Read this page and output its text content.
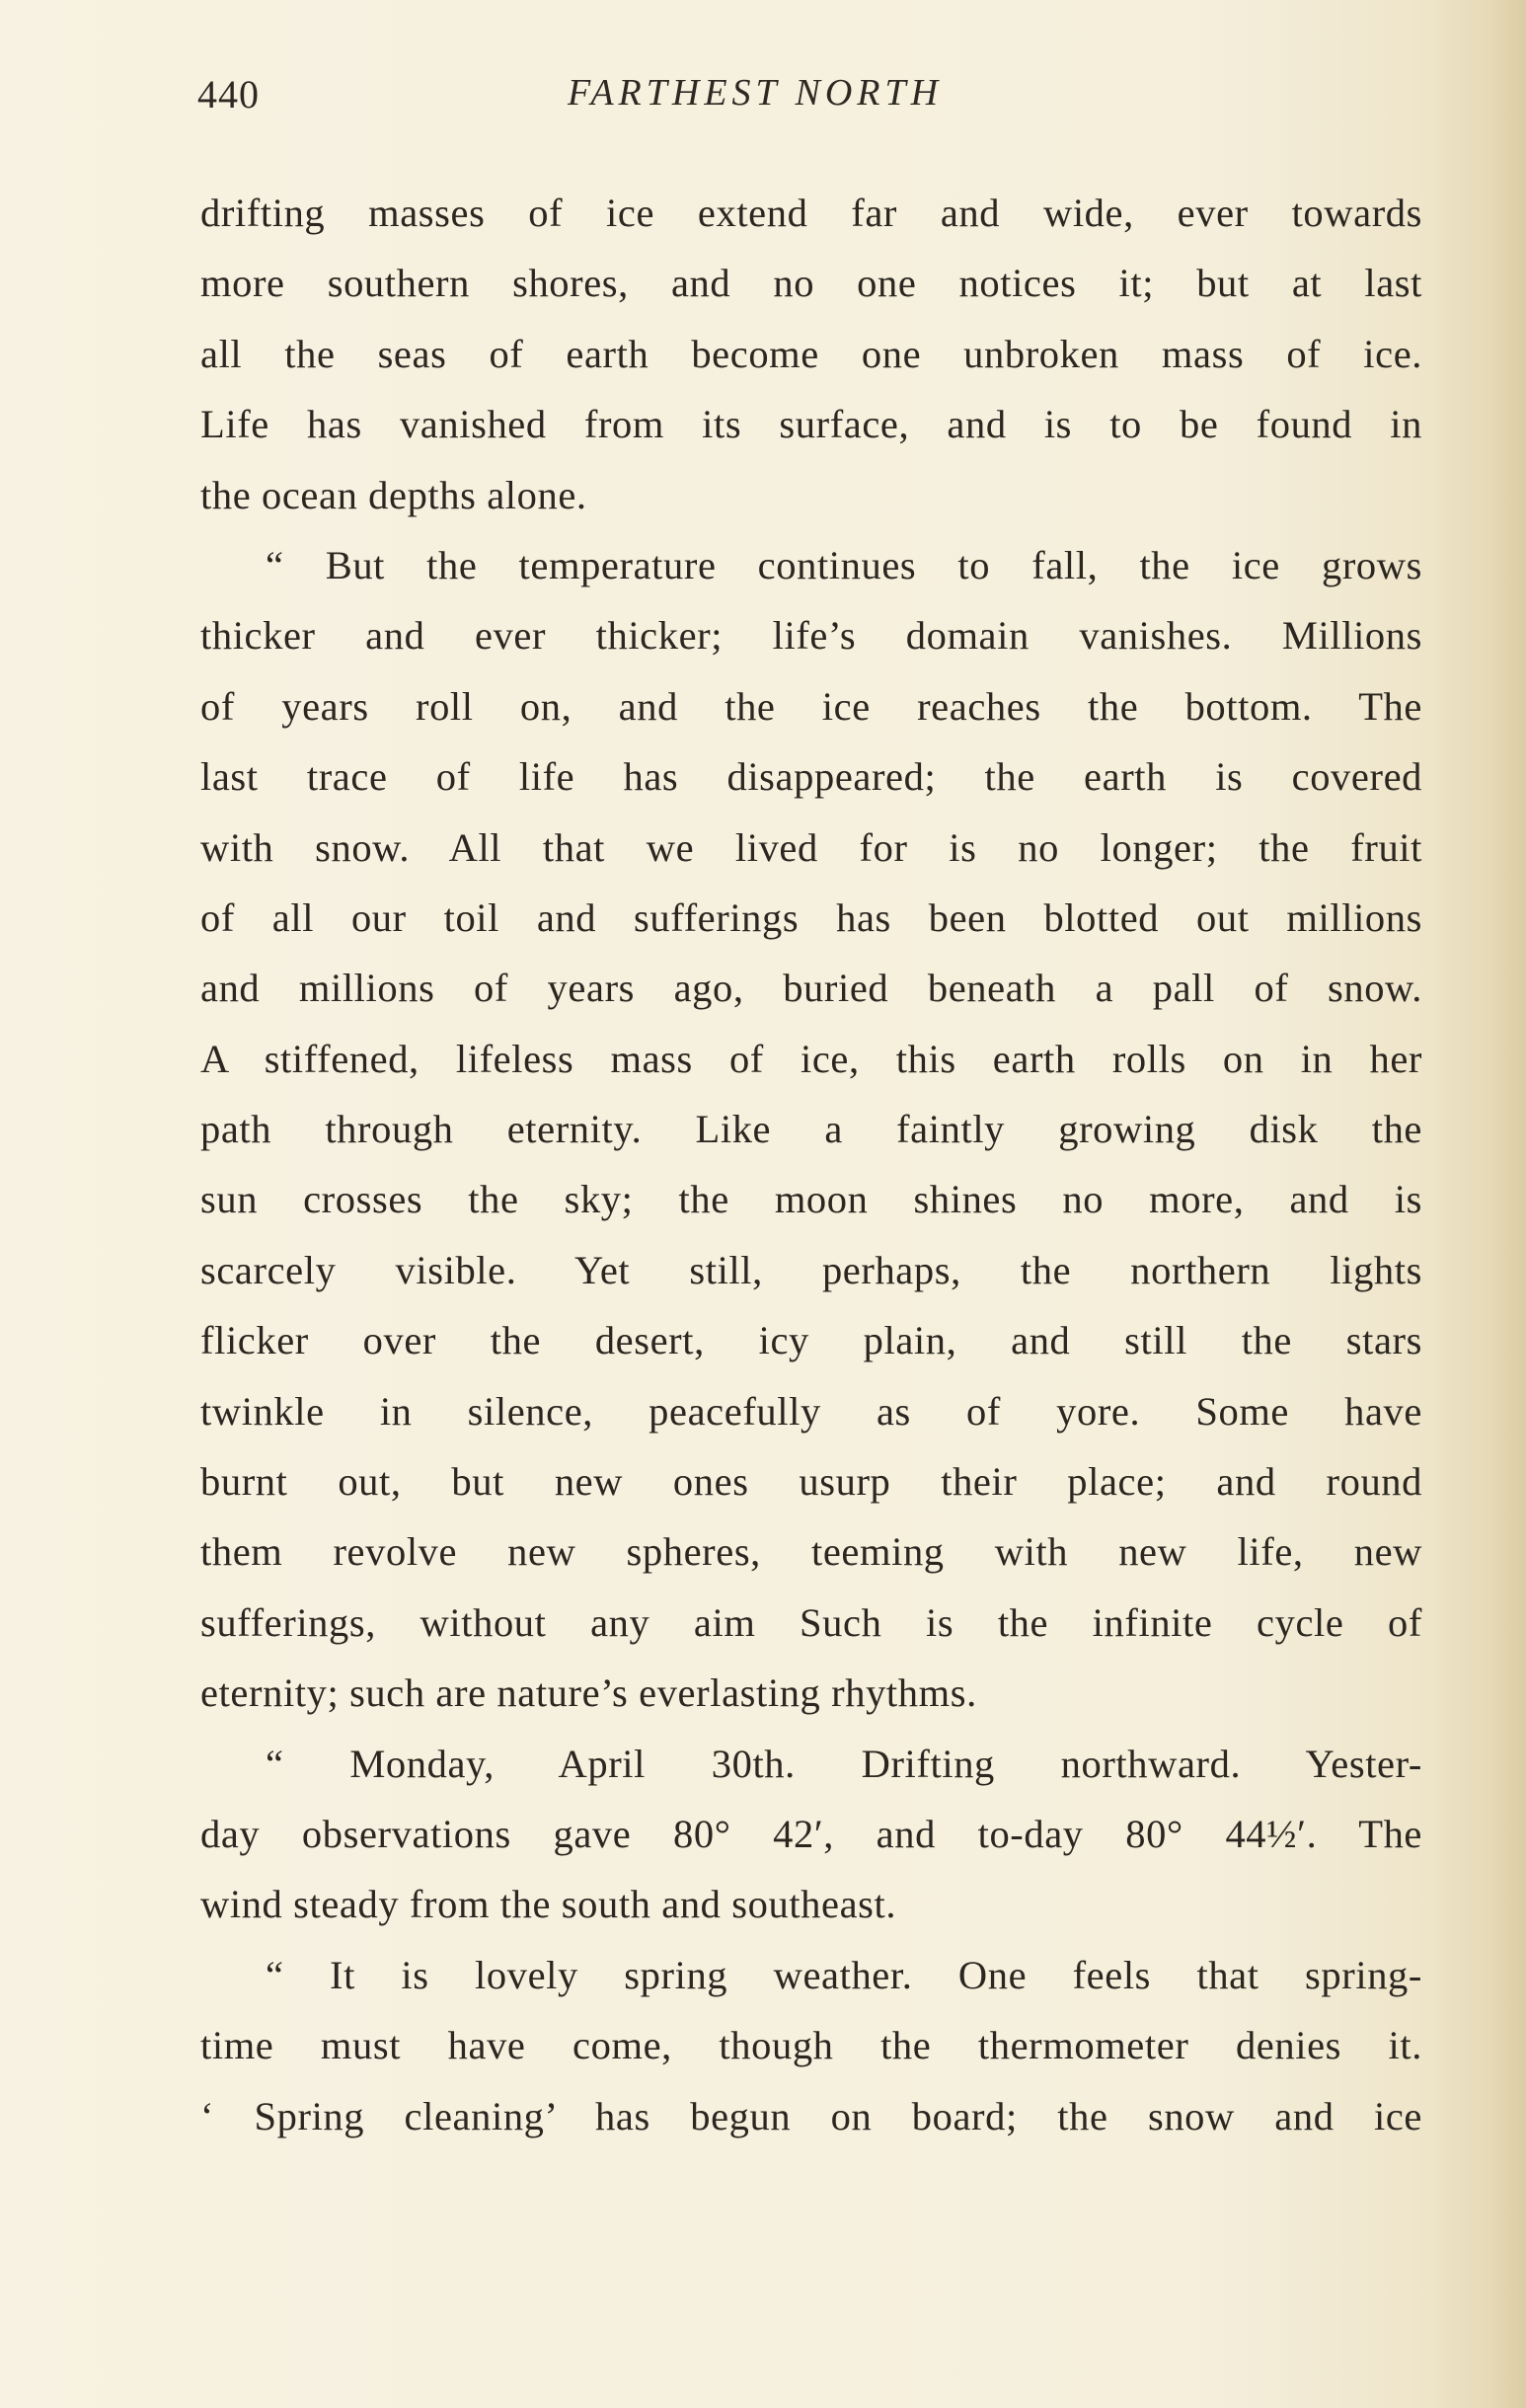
440	FARTHEST NORTH
drifting masses of ice extend far and wide, ever towards
more southern shores, and no one notices it; but at last
all the seas of earth become one unbroken mass of ice.
Life has vanished from its surface, and is to be found in
the ocean depths alone.
“ But the temperature continues to fall, the ice grows
thicker and ever thicker; life’s domain vanishes. Millions
of years roll on, and the ice reaches the bottom. The
last trace of life has disappeared; the earth is covered
with snow. All that we lived for is no longer; the fruit
of all our toil and sufferings has been blotted out millions
and millions of years ago, buried beneath a pall of snow.
A stiffened, lifeless mass of ice, this earth rolls on in her
path through eternity. Like a faintly growing disk the
sun crosses the sky; the moon shines no more, and is
scarcely visible. Yet still, perhaps, the northern lights
flicker over the desert, icy plain, and still the stars
twinkle in silence, peacefully as of yore. Some have
burnt out, but new ones usurp their place; and round
them revolve new spheres, teeming with new life, new
sufferings, without any aim Such is the infinite cycle of
eternity; such are nature’s everlasting rhythms.
“ Monday, April 30th. Drifting northward. Yester-
day observations gave 80° 42′, and to-day 80° 44½′. The
wind steady from the south and southeast.
“ It is lovely spring weather. One feels that spring-
time must have come, though the thermometer denies it.
‘ Spring cleaning’ has begun on board; the snow and ice
